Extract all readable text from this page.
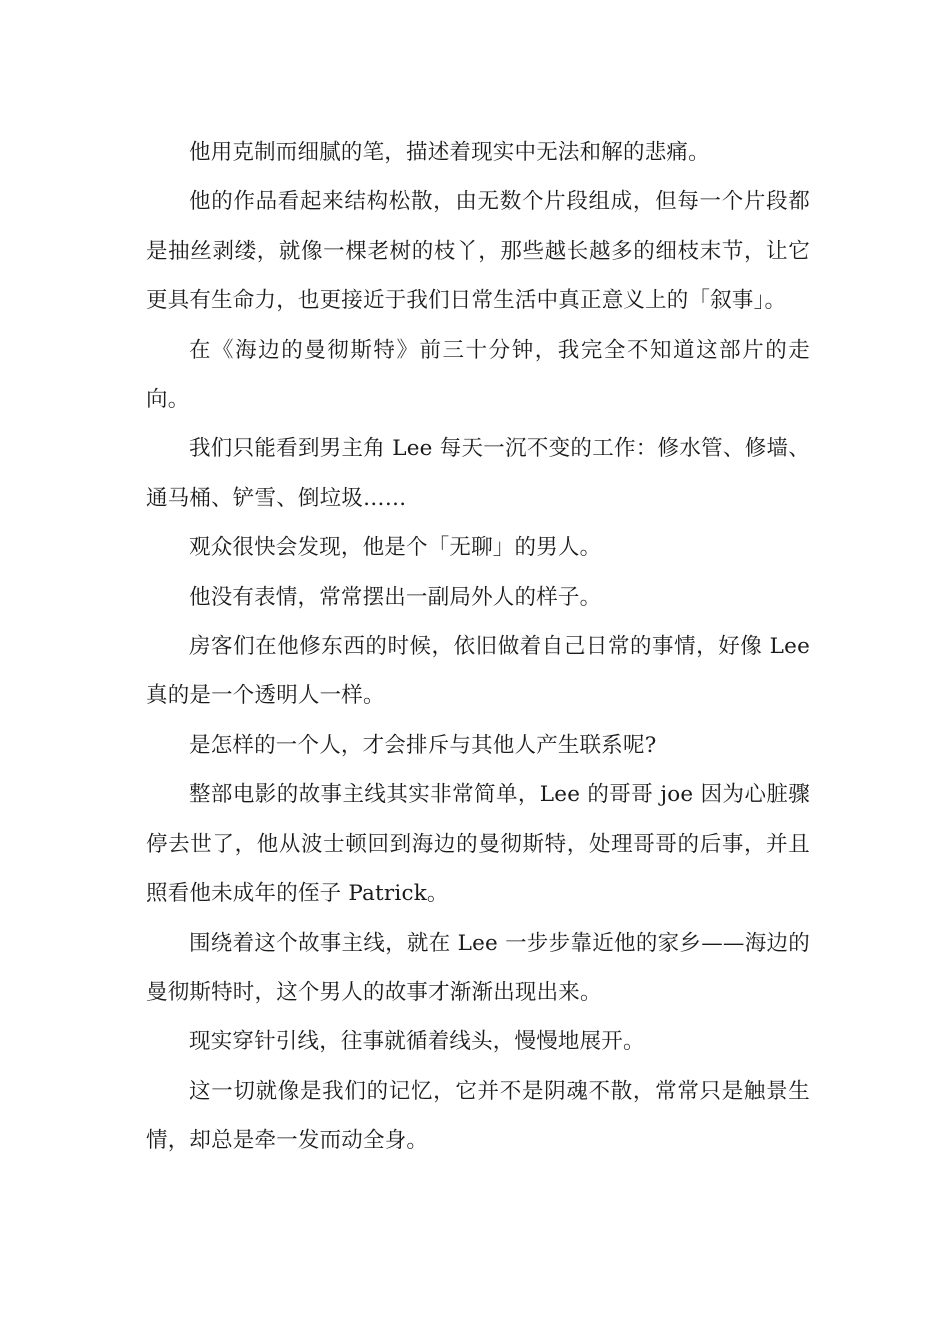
他用克制而细腻的笔，描述着现实中无法和解的悲痛。

他的作品看起来结构松散，由无数个片段组成，但每一个片段都是抽丝剥缕，就像一棵老树的枝丫，那些越长越多的细枝末节，让它更具有生命力，也更接近于我们日常生活中真正意义上的「叙事」。

在《海边的曼彻斯特》前三十分钟，我完全不知道这部片的走向。

我们只能看到男主角 Lee 每天一沉不变的工作：修水管、修墙、通马桶、铲雪、倒垃圾……

观众很快会发现，他是个「无聊」的男人。

他没有表情，常常摆出一副局外人的样子。

房客们在他修东西的时候，依旧做着自己日常的事情，好像 Lee 真的是一个透明人一样。

是怎样的一个人，才会排斥与其他人产生联系呢?

整部电影的故事主线其实非常简单，Lee 的哥哥 joe 因为心脏骤停去世了，他从波士顿回到海边的曼彻斯特，处理哥哥的后事，并且照看他未成年的侄子 Patrick。

围绕着这个故事主线，就在 Lee 一步步靠近他的家乡——海边的曼彻斯特时，这个男人的故事才渐渐出现出来。

现实穿针引线，往事就循着线头，慢慢地展开。

这一切就像是我们的记忆，它并不是阴魂不散，常常只是触景生情，却总是牵一发而动全身。
